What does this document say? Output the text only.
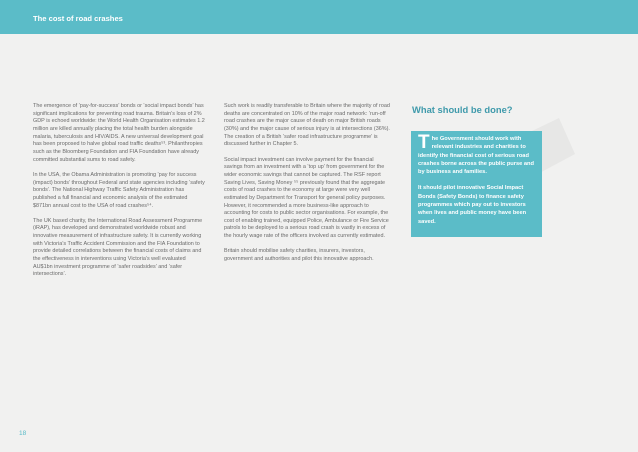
The cost of road crashes

The emergence of ‘pay-for-success’ bonds or ‘social impact bonds’ has significant implications for preventing road trauma. Britain’s loss of 2% GDP is echoed worldwide: the World Health Organisation estimates 1.2 million are killed annually placing the total health burden alongside malaria, tuberculosis and HIV/AIDS. A new universal development goal has been proposed to halve global road traffic deaths⁵³. Philanthropies such as the Bloomberg Foundation and FIA Foundation have already committed substantial sums to road safety.

In the USA, the Obama Administration is promoting ‘pay for success (impact) bonds’ throughout Federal and state agencies including ‘safety bonds’. The National Highway Traffic Safety Administration has published a full financial and economic analysis of the estimated $871bn annual cost to the USA of road crashes⁵⁴.

The UK based charity, the International Road Assessment Programme (iRAP), has developed and demonstrated worldwide robust and innovative measurement of infrastructure safety. It is currently working with Victoria’s Traffic Accident Commission and the FIA Foundation to provide detailed correlations between the financial costs of claims and the effectiveness in interventions using Victoria’s well evaluated AU$1bn investment programme of ‘safer roadsides’ and ‘safer intersections’.

Such work is readily transferable to Britain where the majority of road deaths are concentrated on 10% of the major road network: ‘run-off road crashes are the major cause of death on major British roads (30%) and the major cause of serious injury is at intersections (36%). The creation of a British ‘safer road infrastructure programme’ is discussed further in Chapter 5.

Social impact investment can involve payment for the financial savings from an investment with a ‘top up’ from government for the wider economic savings that cannot be captured. The RSF report Saving Lives, Saving Money ⁵⁵ previously found that the aggregate costs of road crashes to the economy at large were very well estimated by Department for Transport for general policy purposes. However, it recommended a more business-like approach to accounting for costs to public sector organisations. For example, the cost of enabling trained, equipped Police, Ambulance or Fire Service patrols to be deployed to a serious road crash is vastly in excess of the hourly wage rate of the officers involved as currently estimated.

Britain should mobilise safety charities, insurers, investors, government and authorities and pilot this innovative approach.

What should be done?

The Government should work with relevant industries and charities to identify the financial cost of serious road crashes borne across the public purse and by business and families.

It should pilot innovative Social Impact Bonds (Safety Bonds) to finance safety programmes which pay out to investors when lives and public money have been saved.

18
